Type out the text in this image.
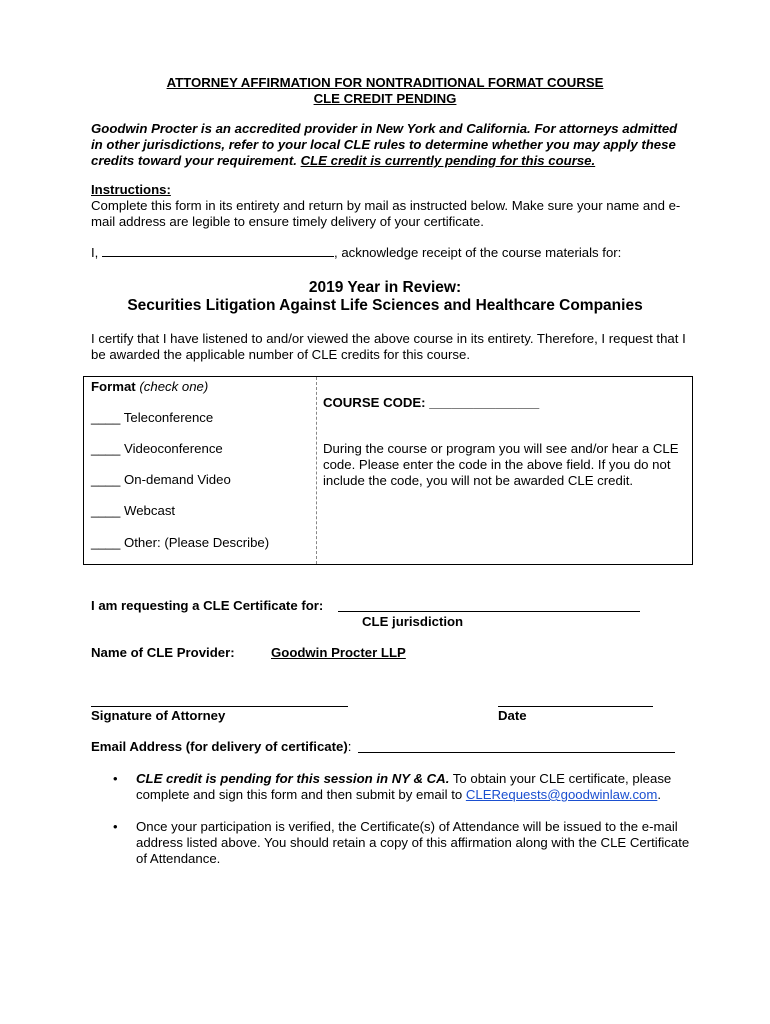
ATTORNEY AFFIRMATION FOR NONTRADITIONAL FORMAT COURSE
CLE CREDIT PENDING
Goodwin Procter is an accredited provider in New York and California. For attorneys admitted in other jurisdictions, refer to your local CLE rules to determine whether you may apply these credits toward your requirement. CLE credit is currently pending for this course.
Instructions:
Complete this form in its entirety and return by mail as instructed below. Make sure your name and e-mail address are legible to ensure timely delivery of your certificate.
I,	, acknowledge receipt of the course materials for:
2019 Year in Review:
Securities Litigation Against Life Sciences and Healthcare Companies
I certify that I have listened to and/or viewed the above course in its entirety. Therefore, I request that I be awarded the applicable number of CLE credits for this course.
Format (check one)
____ Teleconference
____ Videoconference
____ On-demand Video
____ Webcast
____ Other: (Please Describe)
COURSE CODE: _______________
During the course or program you will see and/or hear a CLE code. Please enter the code in the above field. If you do not include the code, you will not be awarded CLE credit.
I am requesting a CLE Certificate for:
CLE jurisdiction
Name of CLE Provider:	Goodwin Procter LLP
Signature of Attorney	Date
Email Address (for delivery of certificate):
• CLE credit is pending for this session in NY & CA. To obtain your CLE certificate, please complete and sign this form and then submit by email to CLERequests@goodwinlaw.com.
• Once your participation is verified, the Certificate(s) of Attendance will be issued to the e-mail address listed above. You should retain a copy of this affirmation along with the CLE Certificate of Attendance.
